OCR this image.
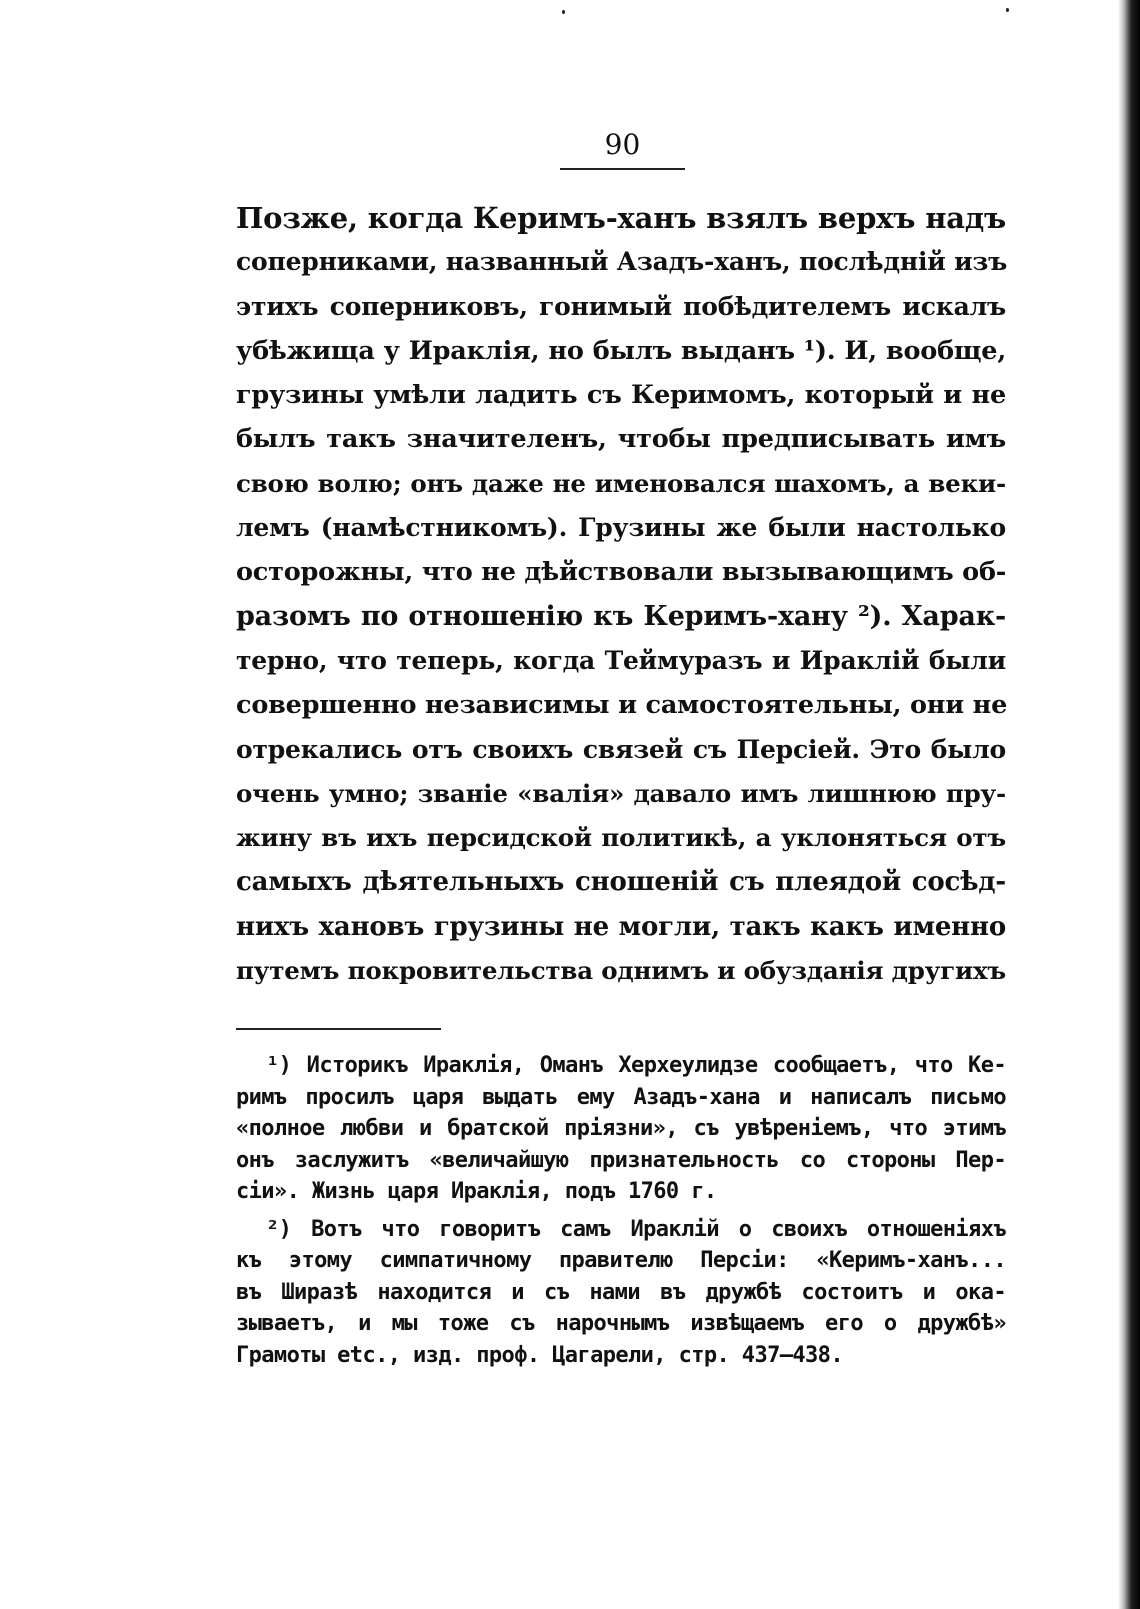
90
Позже, когда Керимъ-ханъ взялъ верхъ надъ
соперниками, названный Азадъ-ханъ, послѣднiй изъ
этихъ соперниковъ, гонимый побѣдителемъ искалъ
убѣжища у Ираклiя, но былъ выданъ ¹). И, вообще,
грузины умѣли ладить съ Керимомъ, который и не
былъ такъ значителенъ, чтобы предписывать имъ
свою волю; онъ даже не именовался шахомъ, а веки-
лемъ (намѣстникомъ). Грузины же были настолько
осторожны, что не дѣйствовали вызывающимъ об-
разомъ по отношенiю къ Керимъ-хану ²). Харак-
терно, что теперь, когда Теймуразъ и Ираклiй были
совершенно независимы и самостоятельны, они не
отрекались отъ своихъ связей съ Персiей. Это было
очень умно; званiе «валiя» давало имъ лишнюю пру-
жину въ ихъ персидской политикѣ, а уклоняться отъ
самыхъ дѣятельныхъ сношенiй съ плеядой сосѣд-
нихъ хановъ грузины не могли, такъ какъ именно
путемъ покровительства однимъ и обузданiя другихъ
¹) Историкъ Ираклiя, Оманъ Херхеулидзе сообщаетъ, что Ке-
римъ просилъ царя выдать ему Азадъ-хана и написалъ письмо
«полное любви и братской прiязни», съ увѣренiемъ, что этимъ
онъ заслужитъ «величайшую признательность со стороны Пер-
сiи». Жизнь царя Ираклiя, подъ 1760 г.
²) Вотъ что говоритъ самъ Ираклiй о своихъ отношенiяхъ
къ этому симпатичному правителю Персiи: «Керимъ-ханъ...
въ Ширазѣ находится и съ нами въ дружбѣ состоитъ и ока-
зываетъ, и мы тоже съ нарочнымъ извѣщаемъ его о дружбѣ»
Грамоты etc., изд. проф. Цагарели, стр. 437—438.
